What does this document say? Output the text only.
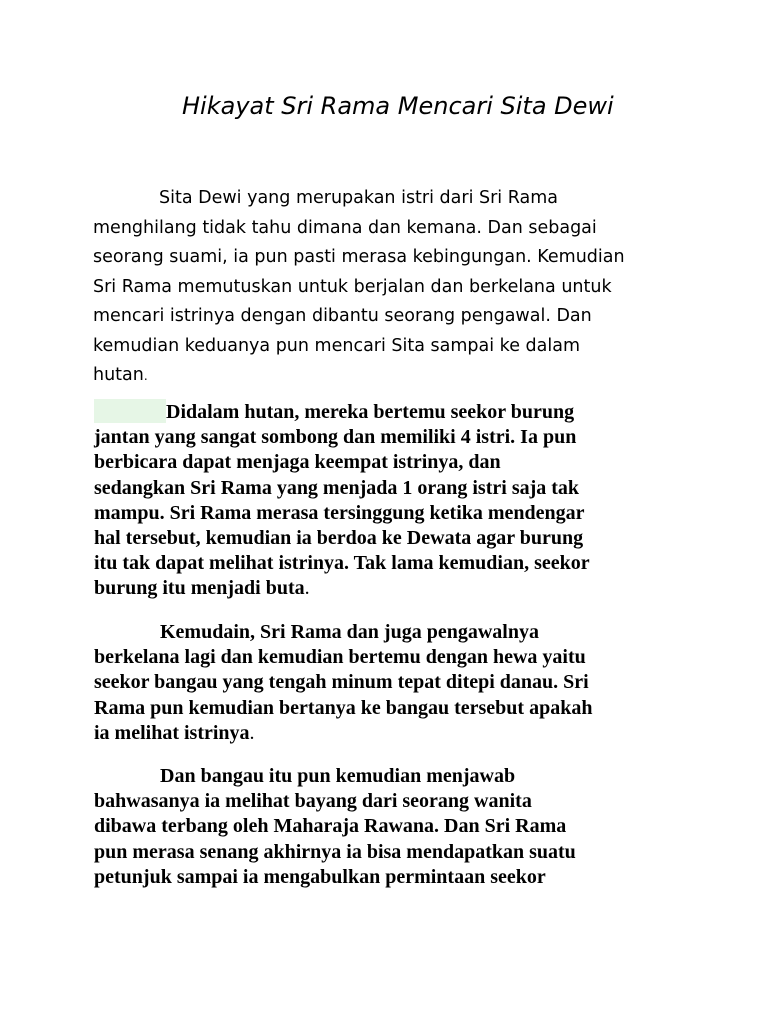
Hikayat Sri Rama Mencari Sita Dewi
Sita Dewi yang merupakan istri dari Sri Rama
menghilang tidak tahu dimana dan kemana. Dan sebagai
seorang suami, ia pun pasti merasa kebingungan. Kemudian
Sri Rama memutuskan untuk berjalan dan berkelana untuk
mencari istrinya dengan dibantu seorang pengawal. Dan
kemudian keduanya pun mencari Sita sampai ke dalam
hutan.
Didalam hutan, mereka bertemu seekor burung
jantan yang sangat sombong dan memiliki 4 istri. Ia pun
berbicara dapat menjaga keempat istrinya, dan
sedangkan Sri Rama yang menjada 1 orang istri saja tak
mampu. Sri Rama merasa tersinggung ketika mendengar
hal tersebut, kemudian ia berdoa ke Dewata agar burung
itu tak dapat melihat istrinya. Tak lama kemudian, seekor
burung itu menjadi buta.
Kemudain, Sri Rama dan juga pengawalnya
berkelana lagi dan kemudian bertemu dengan hewa yaitu
seekor bangau yang tengah minum tepat ditepi danau. Sri
Rama pun kemudian bertanya ke bangau tersebut apakah
ia melihat istrinya.
Dan bangau itu pun kemudian menjawab
bahwasanya ia melihat bayang dari seorang wanita
dibawa terbang oleh Maharaja Rawana. Dan Sri Rama
pun merasa senang akhirnya ia bisa mendapatkan suatu
petunjuk sampai ia mengabulkan permintaan seekor
